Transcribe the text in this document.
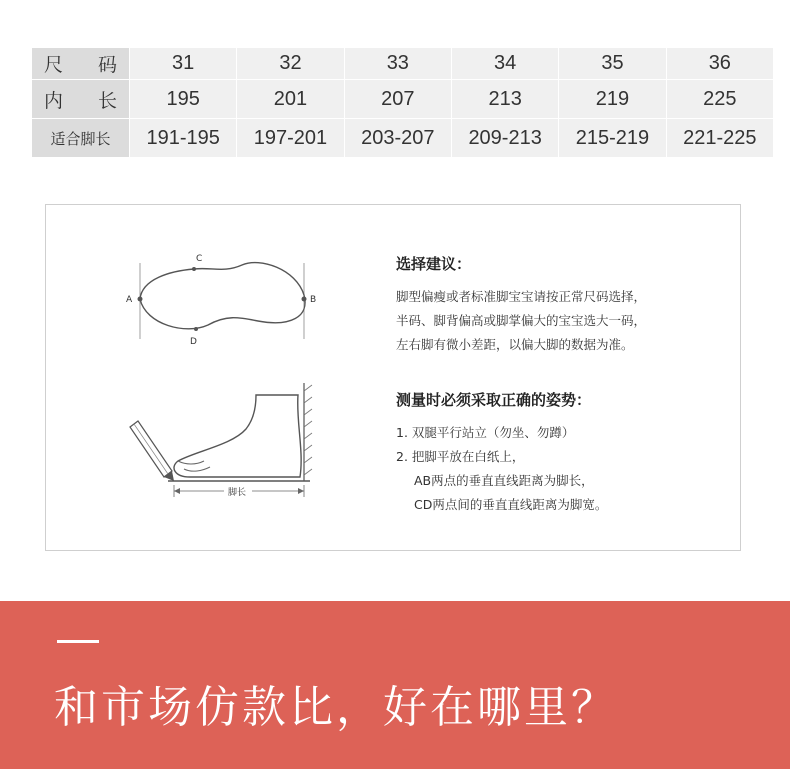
尺 码	31	32	33	34	35	36

内 长	195	201	207	213	219	225
适合脚长	191-195	197-201	203-207	209-213	215-219	221-225
A	B
C
D
脚长
选择建议：
脚型偏瘦或者标准脚宝宝请按正常尺码选择，
半码、脚背偏高或脚掌偏大的宝宝选大一码，
左右脚有微小差距，以偏大脚的数据为准。
测量时必须采取正确的姿势：
1. 双腿平行站立（勿坐、勿蹲）
2. 把脚平放在白纸上，
AB两点的垂直直线距离为脚长，
CD两点间的垂直直线距离为脚宽。
和市场仿款比，好在哪里？
